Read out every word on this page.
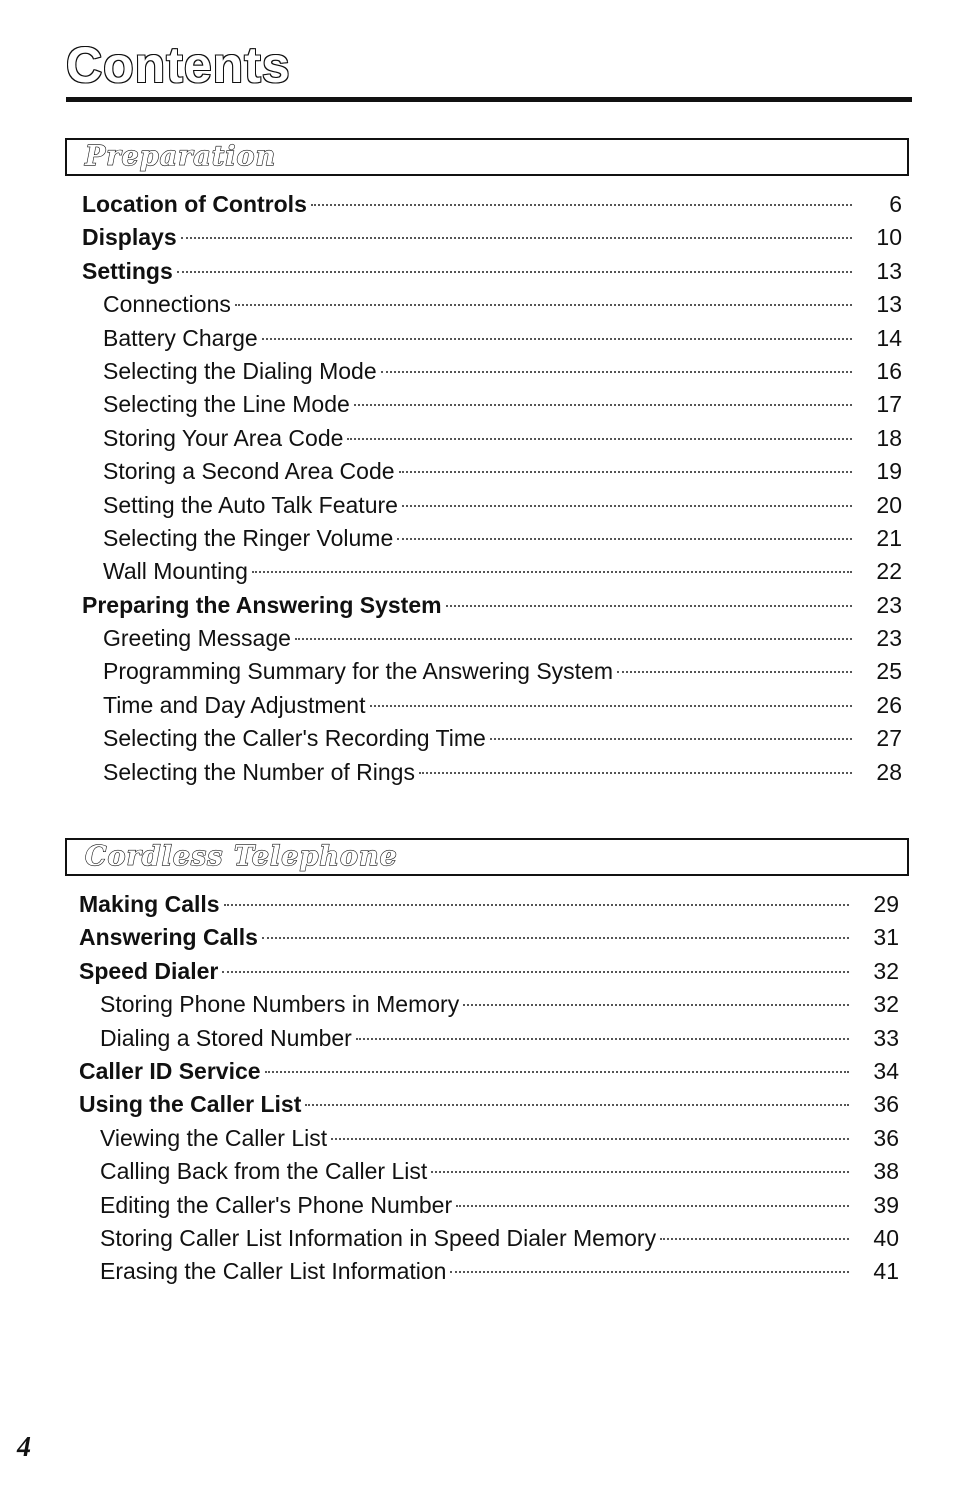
Contents
Preparation
Location of Controls	6
Displays	10
Settings	13
Connections	13
Battery Charge	14
Selecting the Dialing Mode	16
Selecting the Line Mode	17
Storing Your Area Code	18
Storing a Second Area Code	19
Setting the Auto Talk Feature	20
Selecting the Ringer Volume	21
Wall Mounting	22
Preparing the Answering System	23
Greeting Message	23
Programming Summary for the Answering System	25
Time and Day Adjustment	26
Selecting the Caller's Recording Time	27
Selecting the Number of Rings	28
Cordless Telephone
Making Calls	29
Answering Calls	31
Speed Dialer	32
Storing Phone Numbers in Memory	32
Dialing a Stored Number	33
Caller ID Service	34
Using the Caller List	36
Viewing the Caller List	36
Calling Back from the Caller List	38
Editing the Caller's Phone Number	39
Storing Caller List Information in Speed Dialer Memory	40
Erasing the Caller List Information	41
4
